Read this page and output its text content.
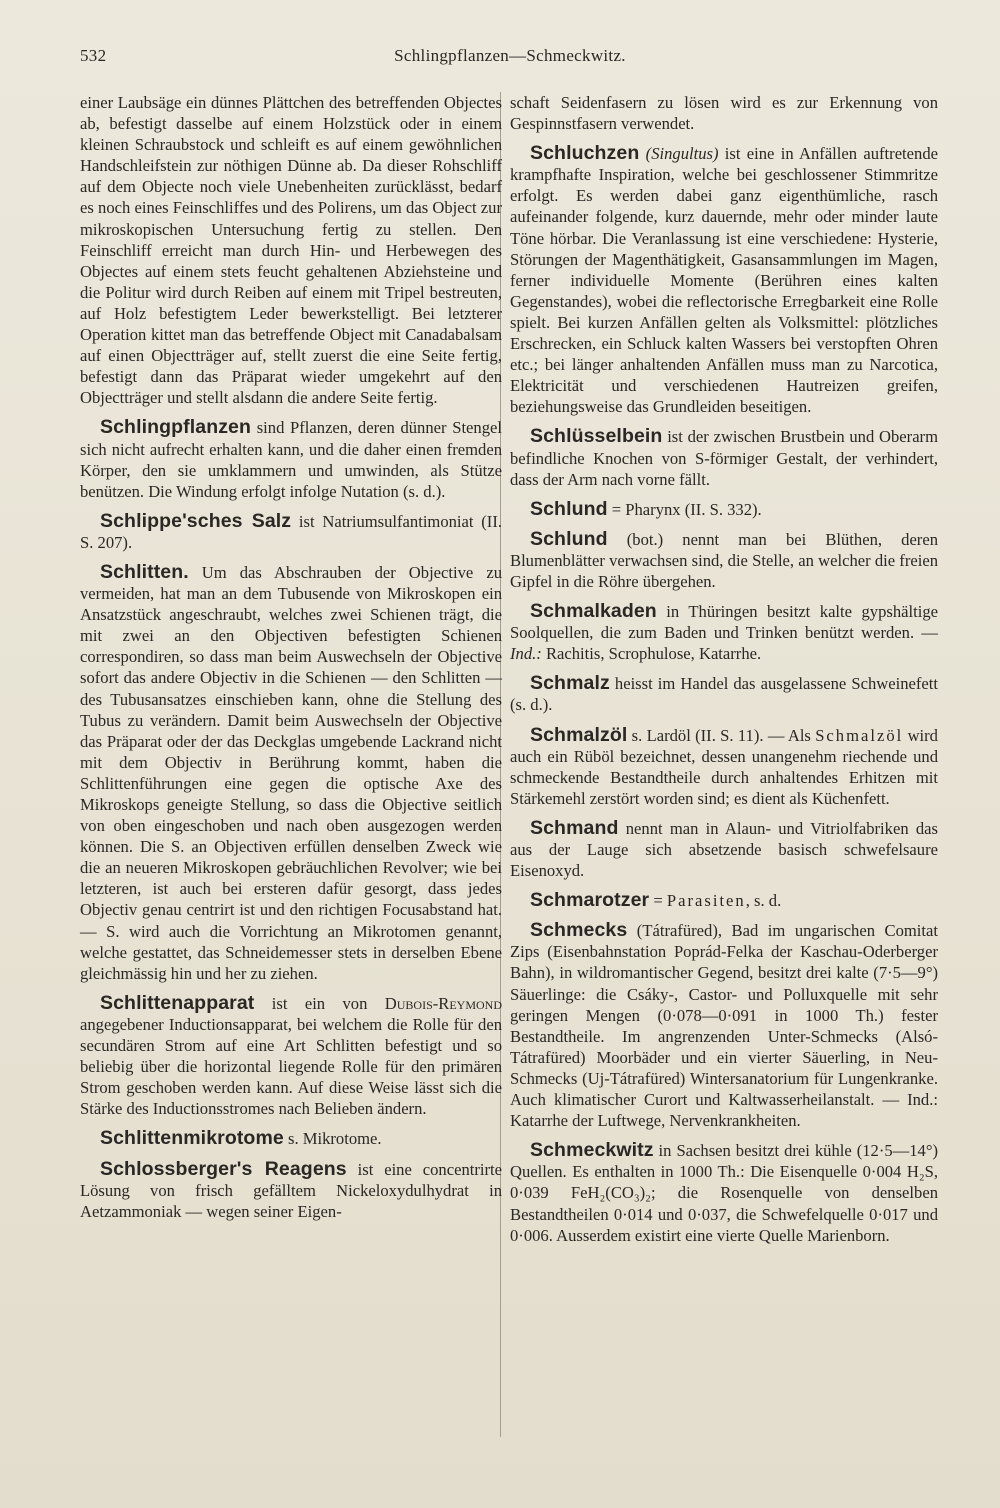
532	Schlingpflanzen—Schmeckwitz.

einer Laubsäge ein dünnes Plättchen des betreffenden Objectes ab, befestigt dasselbe auf einem Holzstück oder in einem kleinen Schraubstock und schleift es auf einem gewöhnlichen Handschleifstein zur nöthigen Dünne ab. Da dieser Rohschliff auf dem Objecte noch viele Unebenheiten zurücklässt, bedarf es noch eines Feinschliffes und des Polirens, um das Object zur mikroskopischen Untersuchung fertig zu stellen. Den Feinschliff erreicht man durch Hin- und Herbewegen des Objectes auf einem stets feucht gehaltenen Abziehsteine und die Politur wird durch Reiben auf einem mit Tripel bestreuten, auf Holz befestigtem Leder bewerkstelligt. Bei letzterer Operation kittet man das betreffende Object mit Canadabalsam auf einen Objectträger auf, stellt zuerst die eine Seite fertig, befestigt dann das Präparat wieder umgekehrt auf den Objectträger und stellt alsdann die andere Seite fertig.

Schlingpflanzen sind Pflanzen, deren dünner Stengel sich nicht aufrecht erhalten kann, und die daher einen fremden Körper, den sie umklammern und umwinden, als Stütze benützen. Die Windung erfolgt infolge Nutation (s. d.).

Schlippe'sches Salz ist Natriumsulfantimoniat (II. S. 207).

Schlitten. Um das Abschrauben der Objective zu vermeiden, hat man an dem Tubusende von Mikroskopen ein Ansatzstück angeschraubt, welches zwei Schienen trägt, die mit zwei an den Objectiven befestigten Schienen correspondiren, so dass man beim Auswechseln der Objective sofort das andere Objectiv in die Schienen — den Schlitten — des Tubusansatzes einschieben kann, ohne die Stellung des Tubus zu verändern. Damit beim Auswechseln der Objective das Präparat oder der das Deckglas umgebende Lackrand nicht mit dem Objectiv in Berührung kommt, haben die Schlittenführungen eine gegen die optische Axe des Mikroskops geneigte Stellung, so dass die Objective seitlich von oben eingeschoben und nach oben ausgezogen werden können. Die S. an Objectiven erfüllen denselben Zweck wie die an neueren Mikroskopen gebräuchlichen Revolver; wie bei letzteren, ist auch bei ersteren dafür gesorgt, dass jedes Objectiv genau centrirt ist und den richtigen Focusabstand hat. — S. wird auch die Vorrichtung an Mikrotomen genannt, welche gestattet, das Schneidemesser stets in derselben Ebene gleichmässig hin und her zu ziehen.

Schlittenapparat ist ein von Dubois-Reymond angegebener Inductionsapparat, bei welchem die Rolle für den secundären Strom auf eine Art Schlitten befestigt und so beliebig über die horizontal liegende Rolle für den primären Strom geschoben werden kann. Auf diese Weise lässt sich die Stärke des Inductionsstromes nach Belieben ändern.

Schlittenmikrotome s. Mikrotome.

Schlossberger's Reagens ist eine concentrirte Lösung von frisch gefälltem Nickeloxydulhydrat in Aetzammoniak — wegen seiner Eigen-

schaft Seidenfasern zu lösen wird es zur Erkennung von Gespinnstfasern verwendet.

Schluchzen (Singultus) ist eine in Anfällen auftretende krampfhafte Inspiration, welche bei geschlossener Stimmritze erfolgt. Es werden dabei ganz eigenthümliche, rasch aufeinander folgende, kurz dauernde, mehr oder minder laute Töne hörbar. Die Veranlassung ist eine verschiedene: Hysterie, Störungen der Magenthätigkeit, Gasansammlungen im Magen, ferner individuelle Momente (Berühren eines kalten Gegenstandes), wobei die reflectorische Erregbarkeit eine Rolle spielt. Bei kurzen Anfällen gelten als Volksmittel: plötzliches Erschrecken, ein Schluck kalten Wassers bei verstopften Ohren etc.; bei länger anhaltenden Anfällen muss man zu Narcotica, Elektricität und verschiedenen Hautreizen greifen, beziehungsweise das Grundleiden beseitigen.

Schlüsselbein ist der zwischen Brustbein und Oberarm befindliche Knochen von S-förmiger Gestalt, der verhindert, dass der Arm nach vorne fällt.

Schlund = Pharynx (II. S. 332).

Schlund (bot.) nennt man bei Blüthen, deren Blumenblätter verwachsen sind, die Stelle, an welcher die freien Gipfel in die Röhre übergehen.

Schmalkaden in Thüringen besitzt kalte gypshältige Soolquellen, die zum Baden und Trinken benützt werden. — Ind.: Rachitis, Scrophulose, Katarrhe.

Schmalz heisst im Handel das ausgelassene Schweinefett (s. d.).

Schmalzöl s. Lardöl (II. S. 11). — Als Schmalzöl wird auch ein Rüböl bezeichnet, dessen unangenehm riechende und schmeckende Bestandtheile durch anhaltendes Erhitzen mit Stärkemehl zerstört worden sind; es dient als Küchenfett.

Schmand nennt man in Alaun- und Vitriolfabriken das aus der Lauge sich absetzende basisch schwefelsaure Eisenoxyd.

Schmarotzer = Parasiten, s. d.

Schmecks (Tátrafüred), Bad im ungarischen Comitat Zips (Eisenbahnstation Poprád-Felka der Kaschau-Oderberger Bahn), in wildromantischer Gegend, besitzt drei kalte (7·5—9°) Säuerlinge: die Csáky-, Castor- und Polluxquelle mit sehr geringen Mengen (0·078—0·091 in 1000 Th.) fester Bestandtheile. Im angrenzenden Unter-Schmecks (Alsó-Tátrafüred) Moorbäder und ein vierter Säuerling, in Neu-Schmecks (Uj-Tátrafüred) Wintersanatorium für Lungenkranke. Auch klimatischer Curort und Kaltwasserheilanstalt. — Ind.: Katarrhe der Luftwege, Nervenkrankheiten.

Schmeckwitz in Sachsen besitzt drei kühle (12·5—14°) Quellen. Es enthalten in 1000 Th.: Die Eisenquelle 0·004 H₂S, 0·039 FeH₂(CO₃)₂; die Rosenquelle von denselben Bestandtheilen 0·014 und 0·037, die Schwefelquelle 0·017 und 0·006. Ausserdem existirt eine vierte Quelle Marienborn.
